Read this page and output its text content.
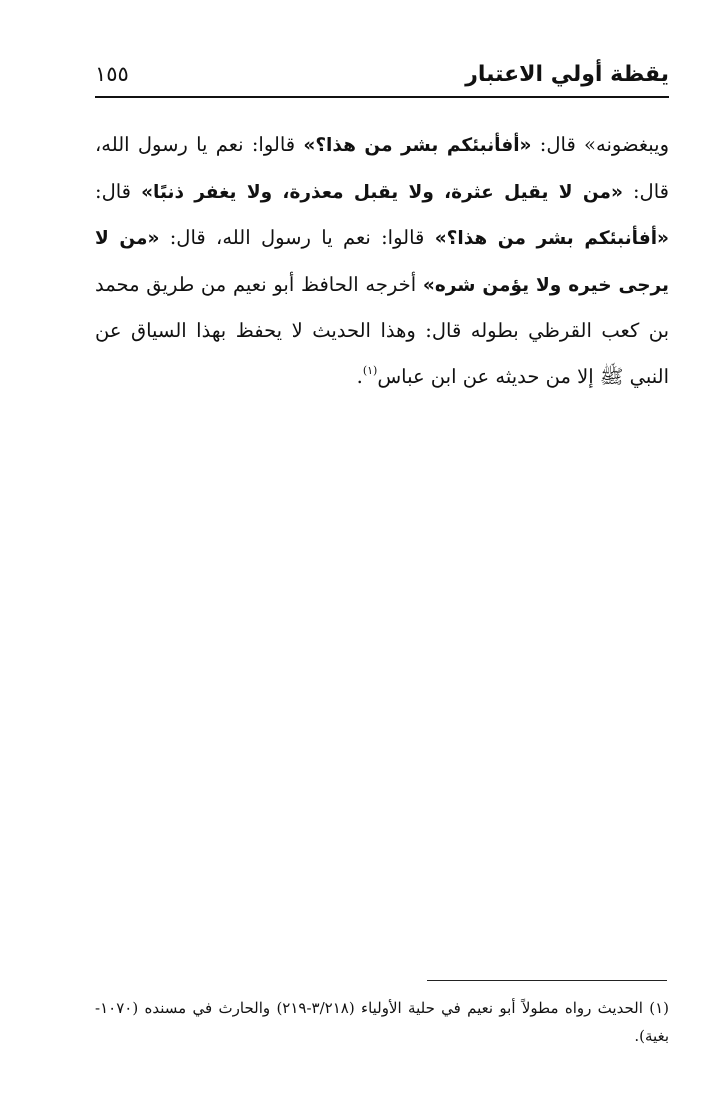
يقظة أولي الاعتبار
١٥٥
ويبغضونه» قال: «أفأنبئكم بشر من هذا؟» قالوا: نعم يا رسول الله، قال: «من لا يقيل عثرة، ولا يقبل معذرة، ولا يغفر ذنبًا» قال: «أفأنبئكم بشر من هذا؟» قالوا: نعم يا رسول الله، قال: «من لا يرجى خيره ولا يؤمن شره» أخرجه الحافظ أبو نعيم من طريق محمد بن كعب القرظي بطوله قال: وهذا الحديث لا يحفظ بهذا السياق عن النبي ﷺ إلا من حديثه عن ابن عباس$^{(١)}$.
(١) الحديث رواه مطولاً أبو نعيم في حلية الأولياء (٣/٢١٨-٢١٩) والحارث في مسنده (١٠٧٠- بغية).
